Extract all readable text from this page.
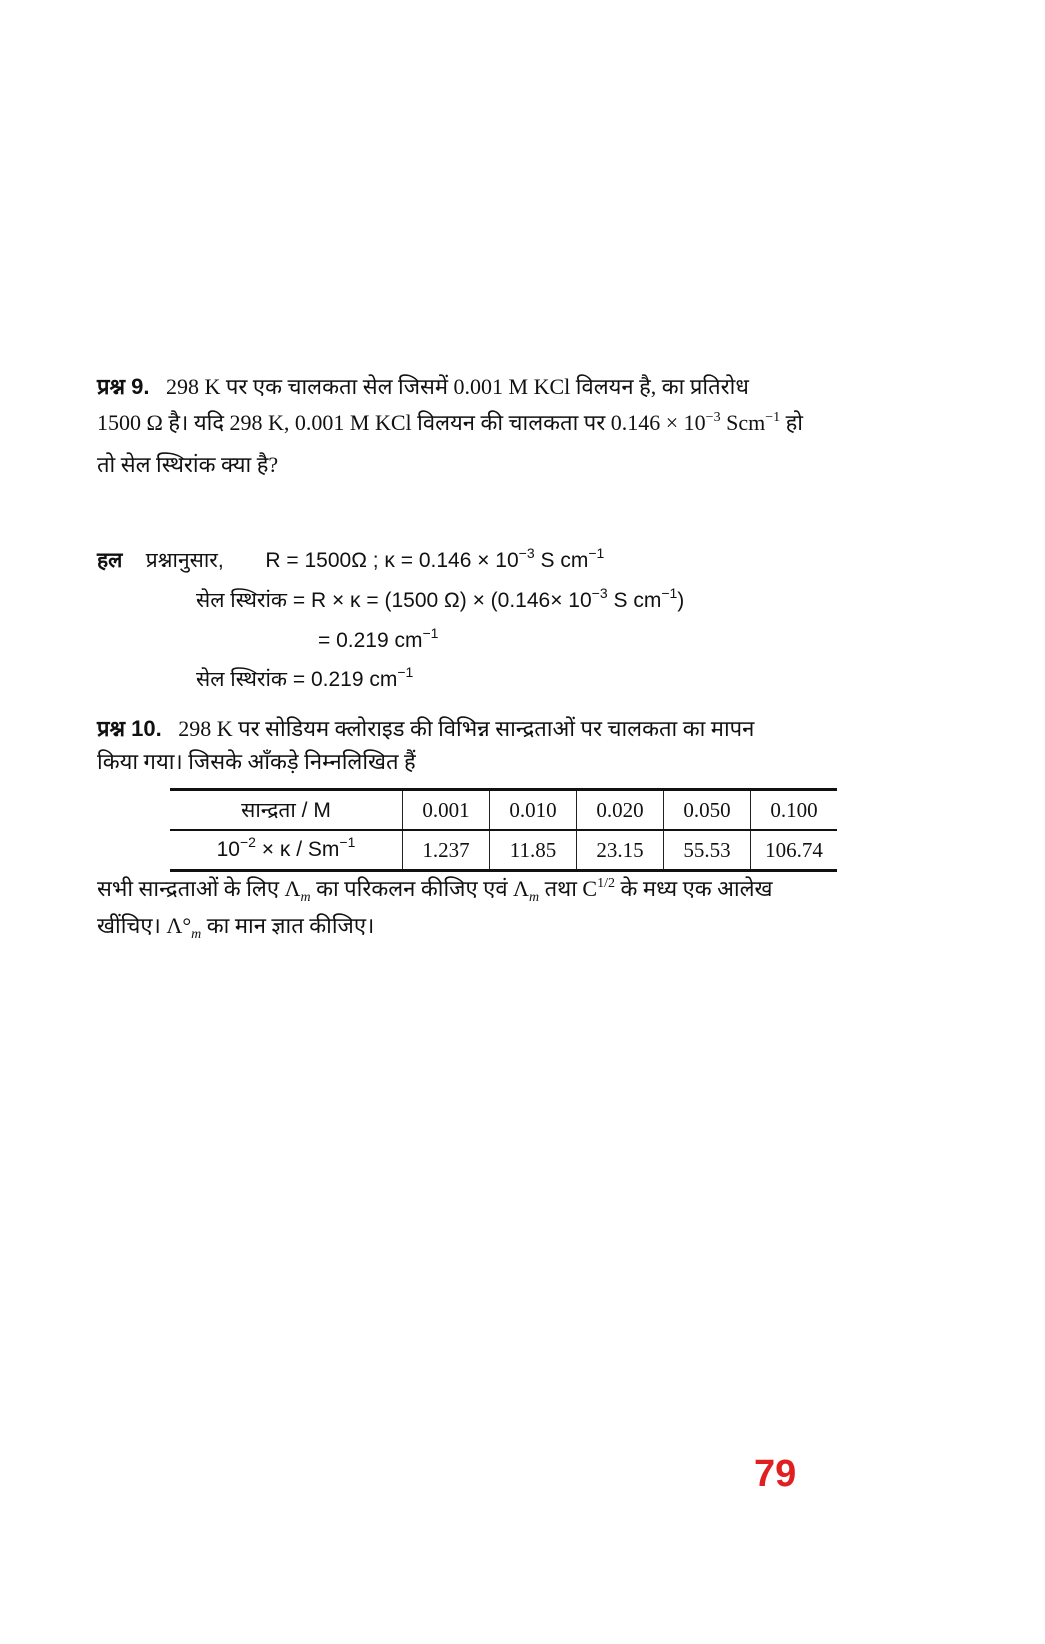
प्रश्न 9. 298 K पर एक चालकता सेल जिसमें 0.001 M KCl विलयन है, का प्रतिरोध
1500 Ω है। यदि 298 K, 0.001 M KCl विलयन की चालकता पर $0.146 \times 10^{-3}$ Scm$^{-1}$ हो
तो सेल स्थिरांक क्या है?
हल प्रश्नानुसार, R = 1500Ω ; $\kappa = 0.146 \times 10^{-3}$ S $cm^{-1}$
सेल स्थिरांक = R × κ = (1500 $\Omega) \times (0.146\times 10^{-3}$ S $cm^{-1}$)
= 0.219 $cm^{-1}$
सेल स्थिरांक = 0.219 $cm^{-1}$
प्रश्न 10. 298 K पर सोडियम क्लोराइड की विभिन्न सान्द्रताओं पर चालकता का मापन
किया गया। जिसके आँकड़े निम्नलिखित हैं
सान्द्रता / M	0.001	0.010	0.020	0.050	0.100
$10^{-2} \times \kappa / Sm^{-1}$	1.237	11.85	23.15	55.53	106.74
सभी सान्द्रताओं के लिए $\Lambda_m$ का परिकलन कीजिए एवं $\Lambda_m$ तथा $C^{1/2}$ के मध्य एक आलेख
खींचिए। $\Lambda^\circ_m$ का मान ज्ञात कीजिए।
79
